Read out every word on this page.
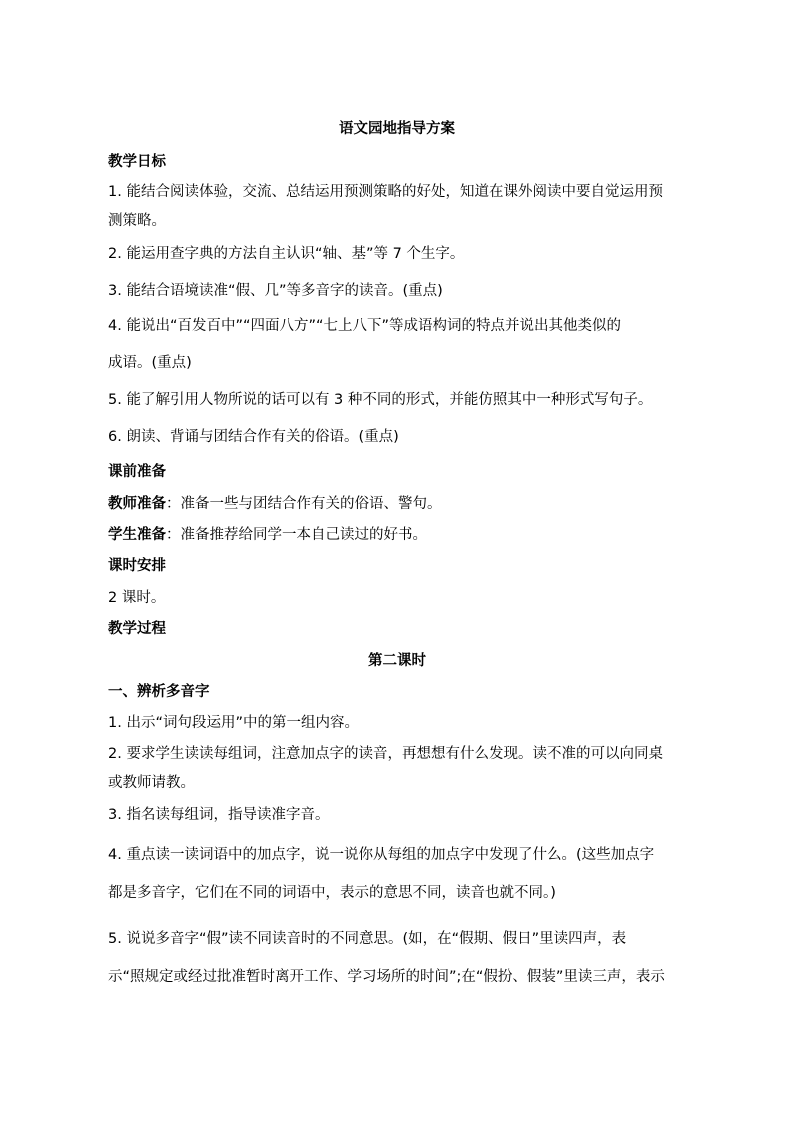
语文园地指导方案

教学日标

1. 能结合阅读体验，交流、总结运用预测策略的好处，知道在课外阅读中要自觉运用预

测策略。

2. 能运用查字典的方法自主认识“轴、基”等 7 个生字。

3. 能结合语境读准“假、几”等多音字的读音。(重点)

4. 能说出“百发百中”“四面八方”“七上八下”等成语构词的特点并说出其他类似的

成语。(重点)

5. 能了解引用人物所说的话可以有 3 种不同的形式，并能仿照其中一种形式写句子。

6. 朗读、背诵与团结合作有关的俗语。(重点)

课前准备

教师准备：准备一些与团结合作有关的俗语、警句。

学生准备：准备推荐给同学一本自己读过的好书。

课时安排

2 课时。

教学过程

第二课时

一、辨析多音字

1. 出示“词句段运用”中的第一组内容。

2. 要求学生读读每组词，注意加点字的读音，再想想有什么发现。读不准的可以向同桌

或教师请教。

3. 指名读每组词，指导读准字音。

4. 重点读一读词语中的加点字，说一说你从每组的加点字中发现了什么。(这些加点字

都是多音字，它们在不同的词语中，表示的意思不同，读音也就不同。)

5. 说说多音字“假”读不同读音时的不同意思。(如，在“假期、假日”里读四声，表

示“照规定或经过批准暂时离开工作、学习场所的时间”;在“假扮、假装”里读三声，表示
